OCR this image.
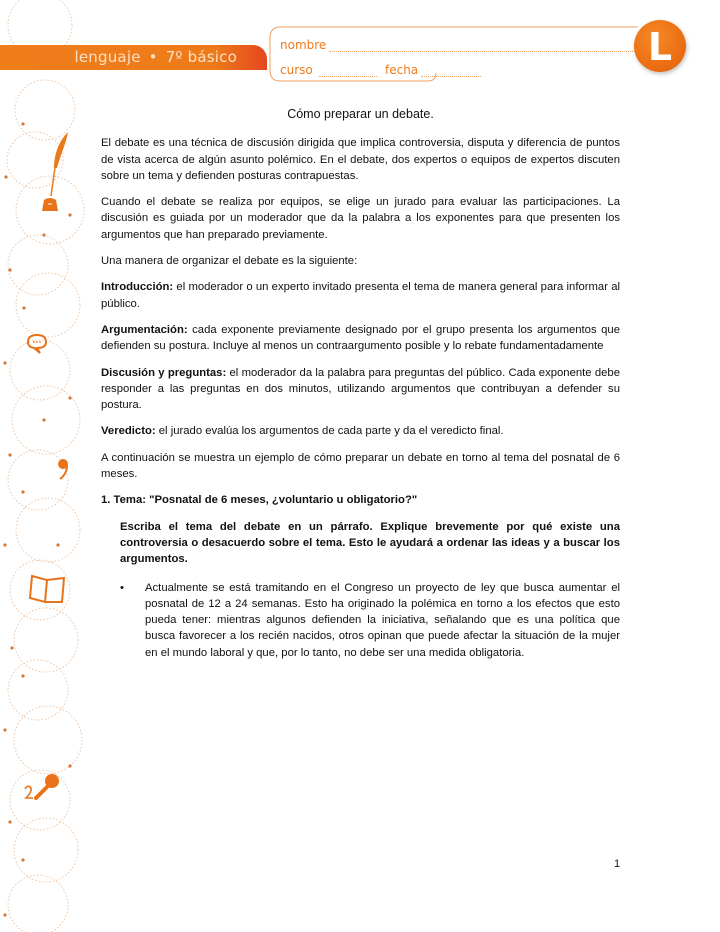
lenguaje • 7º básico
nombre
curso	fecha
L
Cómo preparar un debate.

El debate es una técnica de discusión dirigida que implica controversia, disputa y diferencia de puntos de vista acerca de algún asunto polémico. En el debate, dos expertos o equipos de expertos discuten sobre un tema y defienden posturas contrapuestas.

Cuando el debate se realiza por equipos, se elige un jurado para evaluar las participaciones. La discusión es guiada por un moderador que da la palabra a los exponentes para que presenten los argumentos que han preparado previamente.

Una manera de organizar el debate es la siguiente:

Introducción: el moderador o un experto invitado presenta el tema de manera general para informar al público.

Argumentación: cada exponente previamente designado por el grupo presenta los argumentos que defienden su postura. Incluye al menos un contraargumento posible y lo rebate fundamentadamente

Discusión y preguntas: el moderador da la palabra para preguntas del público. Cada exponente debe responder a las preguntas en dos minutos, utilizando argumentos que contribuyan a defender su postura.

Veredicto: el jurado evalúa los argumentos de cada parte y da el veredicto final.

A continuación se muestra un ejemplo de cómo preparar un debate en torno al tema del posnatal de 6 meses.

1. Tema: "Posnatal de 6 meses, ¿voluntario u obligatorio?"

Escriba el tema del debate en un párrafo. Explique brevemente por qué existe una controversia o desacuerdo sobre el tema. Esto le ayudará a ordenar las ideas y a buscar los argumentos.

• Actualmente se está tramitando en el Congreso un proyecto de ley que busca aumentar el posnatal de 12 a 24 semanas. Esto ha originado la polémica en torno a los efectos que esto pueda tener: mientras algunos defienden la iniciativa, señalando que es una política que busca favorecer a los recién nacidos, otros opinan que puede afectar la situación de la mujer en el mundo laboral y que, por lo tanto, no debe ser una medida obligatoria.
1
